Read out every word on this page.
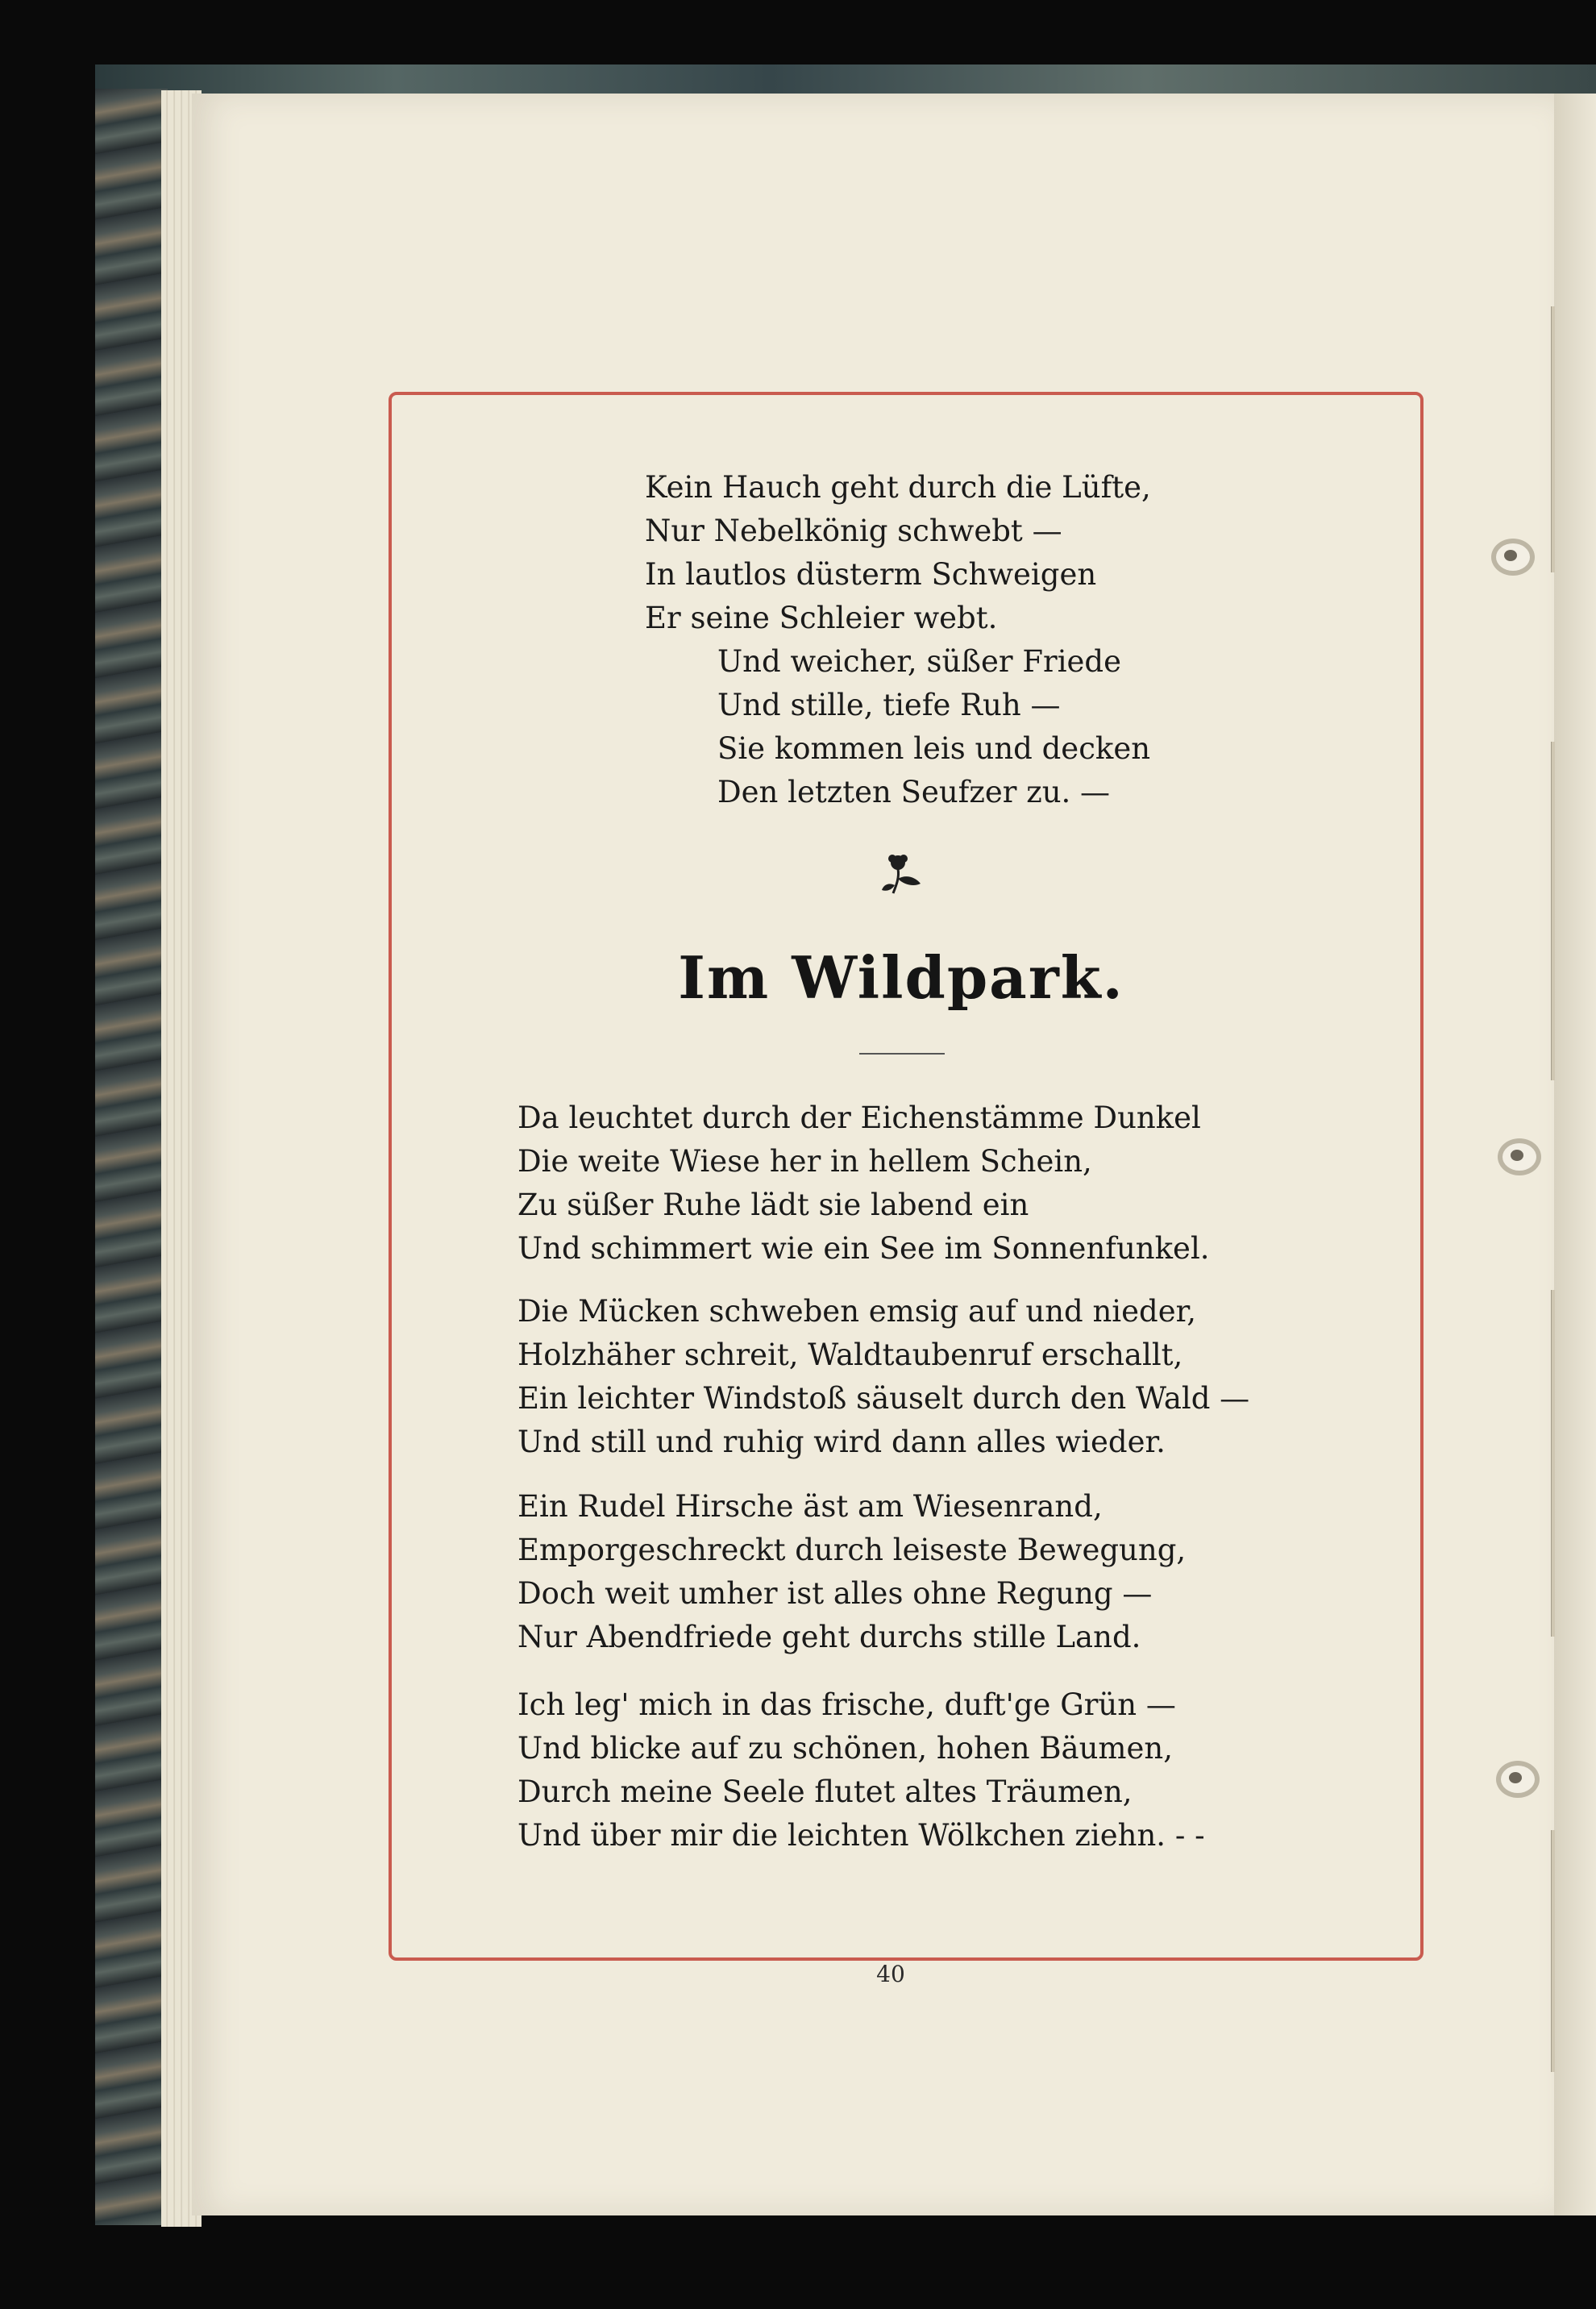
Kein Hauch geht durch die Lüfte,
Nur Nebelkönig schwebt —
In lautlos düsterm Schweigen
Er seine Schleier webt.
Und weicher, süßer Friede
Und stille, tiefe Ruh —
Sie kommen leis und decken
Den letzten Seufzer zu. —
Im Wildpark.
Da leuchtet durch der Eichenstämme Dunkel
Die weite Wiese her in hellem Schein,
Zu süßer Ruhe lädt sie labend ein
Und schimmert wie ein See im Sonnenfunkel.
Die Mücken schweben emsig auf und nieder,
Holzhäher schreit, Waldtaubenruf erschallt,
Ein leichter Windstoß säuselt durch den Wald —
Und still und ruhig wird dann alles wieder.
Ein Rudel Hirsche äst am Wiesenrand,
Emporgeschreckt durch leiseste Bewegung,
Doch weit umher ist alles ohne Regung —
Nur Abendfriede geht durchs stille Land.
Ich leg' mich in das frische, duft'ge Grün —
Und blicke auf zu schönen, hohen Bäumen,
Durch meine Seele flutet altes Träumen,
Und über mir die leichten Wölkchen ziehn. - -
40
